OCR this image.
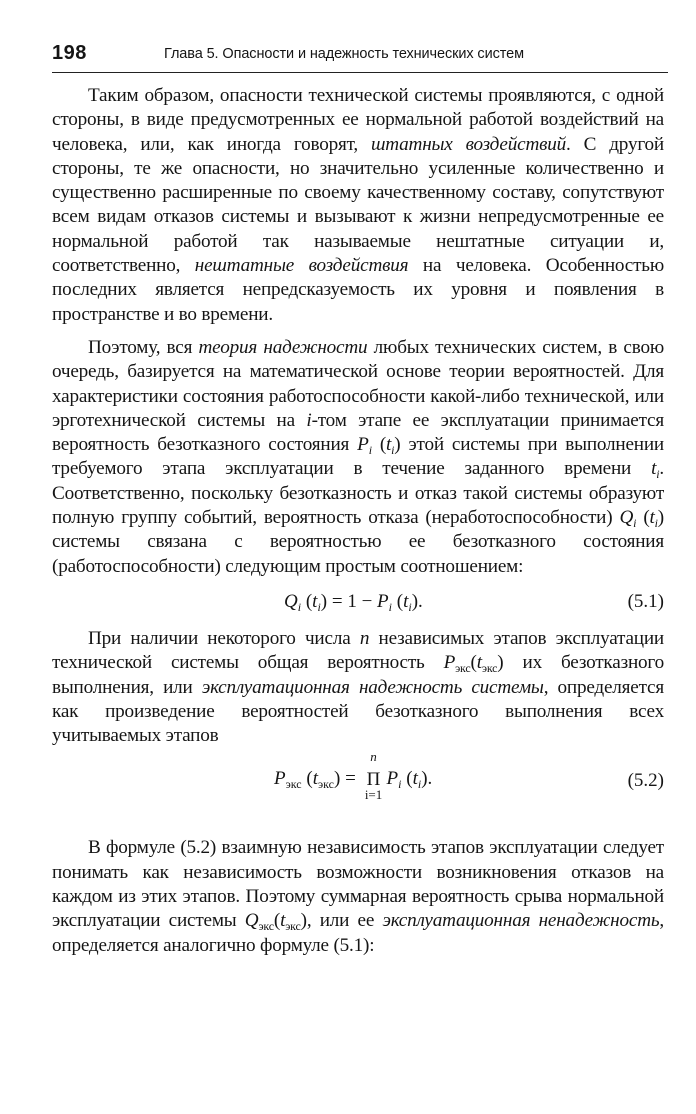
198	Глава 5. Опасности и надежность технических систем

Таким образом, опасности технической системы проявляются, с одной стороны, в виде предусмотренных ее нормальной работой воздействий на человека, или, как иногда говорят, штатных воздействий. С другой стороны, те же опасности, но значительно усиленные количественно и существенно расширенные по своему качественному составу, сопутствуют всем видам отказов системы и вызывают к жизни непредусмотренные ее нормальной работой так называемые нештатные ситуации и, соответственно, нештатные воздействия на человека. Особенностью последних является непредсказуемость их уровня и появления в пространстве и во времени.

Поэтому, вся теория надежности любых технических систем, в свою очередь, базируется на математической основе теории вероятностей. Для характеристики состояния работоспособности какой-либо технической, или эрготехнической системы на i-том этапе ее эксплуатации принимается вероятность безотказного состояния $P_i$ $(t_i)$ этой системы при выполнении требуемого этапа эксплуатации в течение заданного времени $t_i$. Соответственно, поскольку безотказность и отказ такой системы образуют полную группу событий, вероятность отказа (неработоспособности) $Q_i$ $(t_i)$ системы связана с вероятностью ее безотказного состояния (работоспособности) следующим простым соотношением:

$Q_i$ $(t_i) = 1 - P_i$ $(t_i)$.	(5.1)

При наличии некоторого числа n независимых этапов эксплуатации технической системы общая вероятность $P_{экс}(t_{экс})$ их безотказного выполнения, или эксплуатационная надежность системы, определяется как произведение вероятностей безотказного выполнения всех учитываемых этапов

$P_{экс}$ $(t_{экс})$ =
n
Π
i=1
$P_i$ $(t_i)$.	(5.2)

В формуле (5.2) взаимную независимость этапов эксплуатации следует понимать как независимость возможности возникновения отказов на каждом из этих этапов. Поэтому суммарная вероятность срыва нормальной эксплуатации системы $Q_{экс}(t_{экс})$, или ее эксплуатационная ненадежность, определяется аналогично формуле (5.1):
